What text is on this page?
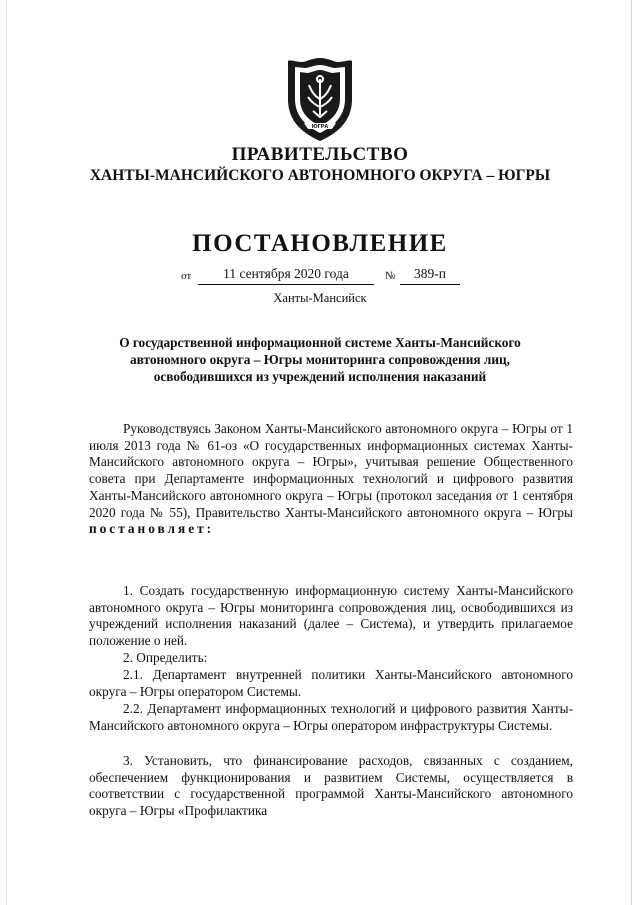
ЮГРА
ПРАВИТЕЛЬСТВО
ХАНТЫ-МАНСИЙСКОГО АВТОНОМНОГО ОКРУГА – ЮГРЫ
ПОСТАНОВЛЕНИЕ
от	11 сентября 2020 года	№	389-п
Ханты-Мансийск
О государственной информационной системе Ханты-Мансийского
автономного округа – Югры мониторинга сопровождения лиц,
освободившихся из учреждений исполнения наказаний

Руководствуясь Законом Ханты-Мансийского автономного округа – Югры от 1 июля 2013 года № 61-оз «О государственных информационных системах Ханты-Мансийского автономного округа – Югры», учитывая решение Общественного совета при Департаменте информационных технологий и цифрового развития Ханты-Мансийского автономного округа – Югры (протокол заседания от 1 сентября 2020 года № 55), Правительство Ханты-Мансийского автономного округа – Югры постановляет:

1. Создать государственную информационную систему Ханты-Мансийского автономного округа – Югры мониторинга сопровождения лиц, освободившихся из учреждений исполнения наказаний (далее – Система), и утвердить прилагаемое положение о ней.

2. Определить:

2.1. Департамент внутренней политики Ханты-Мансийского автономного округа – Югры оператором Системы.

2.2. Департамент информационных технологий и цифрового развития Ханты-Мансийского автономного округа – Югры оператором инфраструктуры Системы.

3. Установить, что финансирование расходов, связанных с созданием, обеспечением функционирования и развитием Системы, осуществляется в соответствии с государственной программой Ханты-Мансийского автономного округа – Югры «Профилактика
